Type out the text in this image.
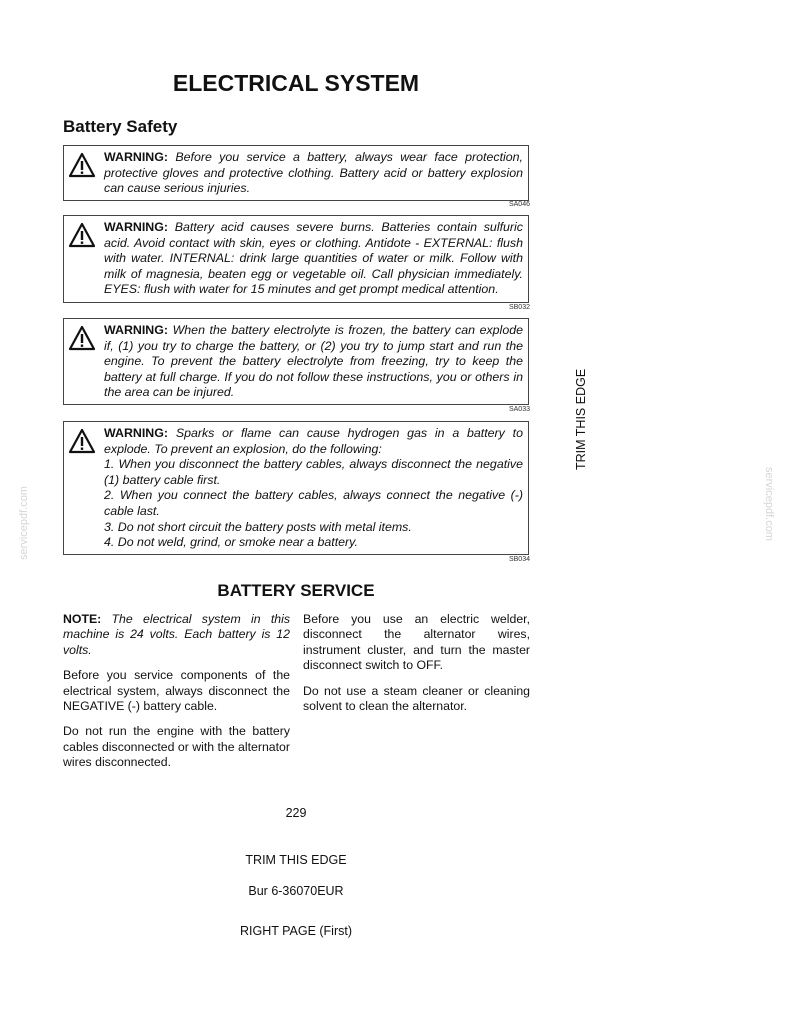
ELECTRICAL SYSTEM
Battery Safety

WARNING: Before you service a battery, always wear face protection, protective gloves and protective clothing. Battery acid or battery explosion can cause serious injuries.

SA046

WARNING: Battery acid causes severe burns. Batteries contain sulfuric acid. Avoid contact with skin, eyes or clothing. Antidote - EXTERNAL: flush with water. INTERNAL: drink large quantities of water or milk. Follow with milk of magnesia, beaten egg or vegetable oil. Call physician immediately. EYES: flush with water for 15 minutes and get prompt medical attention.

SB032

WARNING: When the battery electrolyte is frozen, the battery can explode if, (1) you try to charge the battery, or (2) you try to jump start and run the engine. To prevent the battery electrolyte from freezing, try to keep the battery at full charge. If you do not follow these instructions, you or others in the area can be injured.

SA033

WARNING: Sparks or flame can cause hydrogen gas in a battery to explode. To prevent an explosion, do the following:

1. When you disconnect the battery cables, always disconnect the negative (1) battery cable first.

2. When you connect the battery cables, always connect the negative (-) cable last.

3. Do not short circuit the battery posts with metal items.

4. Do not weld, grind, or smoke near a battery.

SB034
BATTERY SERVICE

NOTE: The electrical system in this machine is 24 volts. Each battery is 12 volts.

Before you service components of the electrical system, always disconnect the NEGATIVE (-) battery cable.

Do not run the engine with the battery cables disconnected or with the alternator wires disconnected.

Before you use an electric welder, disconnect the alternator wires, instrument cluster, and turn the master disconnect switch to OFF.

Do not use a steam cleaner or cleaning solvent to clean the alternator.

229
TRIM THIS EDGE
Bur 6-36070EUR
RIGHT PAGE (First)
TRIM THIS EDGE
servicepdf.com	servicepdf.com
